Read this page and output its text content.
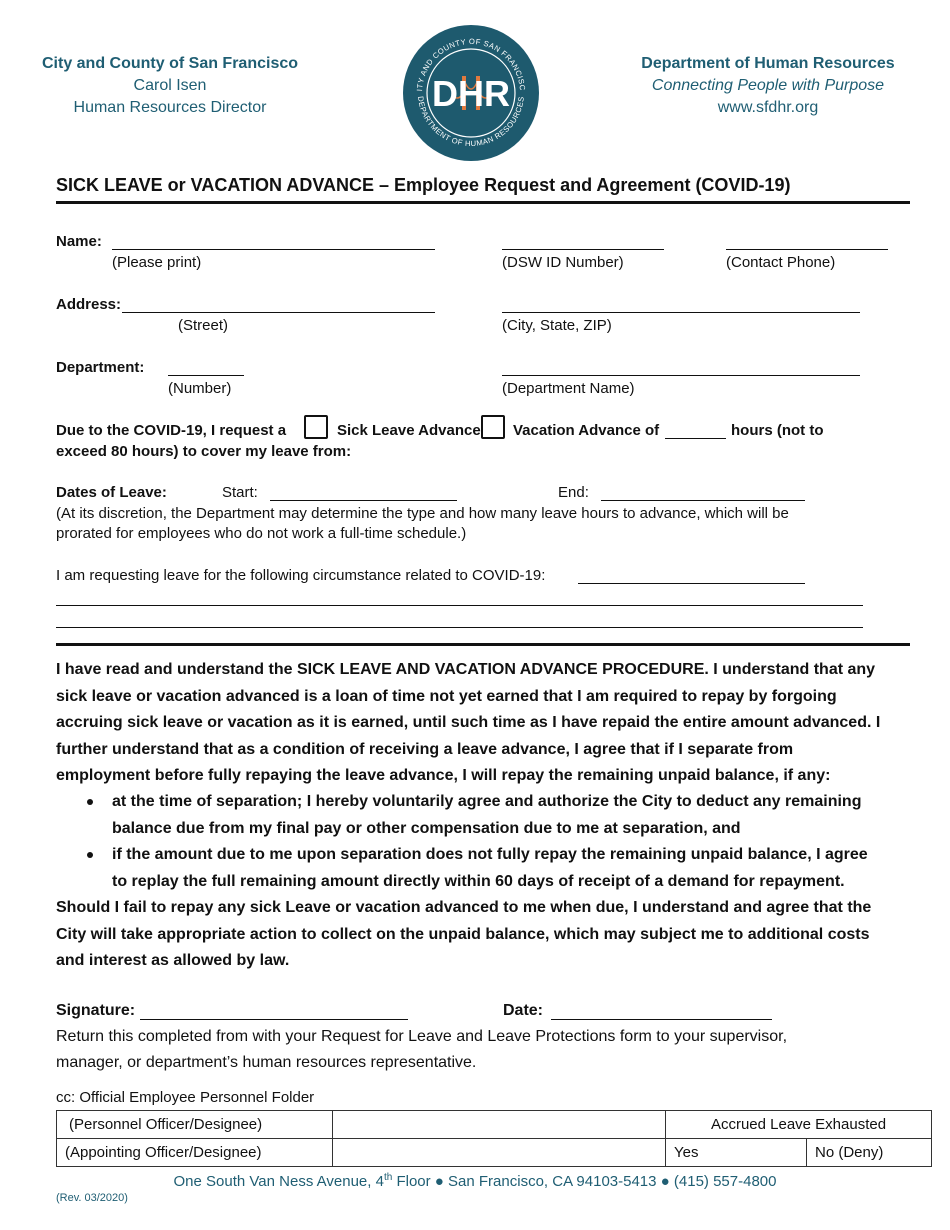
City and County of San Francisco
Carol Isen
Human Resources Director
ITY AND COUNTY OF SAN FRANCISC
DEPARTMENT OF HUMAN RESOURCES
DHR
Department of Human Resources
Connecting People with Purpose
www.sfdhr.org
SICK LEAVE or VACATION ADVANCE – Employee Request and Agreement (COVID-19)
Name:
(Please print)	(DSW ID Number)	(Contact Phone)
Address:
(Street)	(City, State, ZIP)
Department:
(Number)	(Department Name)
Due to the COVID-19, I request a	Sick Leave Advance Vacation Advance of	hours (not to
exceed 80 hours) to cover my leave from:
Dates of Leave:	Start:	End:
(At its discretion, the Department may determine the type and how many leave hours to advance, which will be
prorated for employees who do not work a full-time schedule.)
I am requesting leave for the following circumstance related to COVID-19:
I have read and understand the SICK LEAVE AND VACATION ADVANCE PROCEDURE. I understand that any
sick leave or vacation advanced is a loan of time not yet earned that I am required to repay by forgoing
accruing sick leave or vacation as it is earned, until such time as I have repaid the entire amount advanced. I
further understand that as a condition of receiving a leave advance, I agree that if I separate from
employment before fully repaying the leave advance, I will repay the remaining unpaid balance, if any:
at the time of separation; I hereby voluntarily agree and authorize the City to deduct any remaining
balance due from my final pay or other compensation due to me at separation, and
if the amount due to me upon separation does not fully repay the remaining unpaid balance, I agree
to replay the full remaining amount directly within 60 days of receipt of a demand for repayment.
Should I fail to repay any sick Leave or vacation advanced to me when due, I understand and agree that the
City will take appropriate action to collect on the unpaid balance, which may subject me to additional costs
and interest as allowed by law.
Signature:	Date:
Return this completed from with your Request for Leave and Leave Protections form to your supervisor,
manager, or department’s human resources representative.
cc: Official Employee Personnel Folder
(Personnel Officer/Designee)		Accrued Leave Exhausted	
(Appointing Officer/Designee)		Yes	No (Deny)
One South Van Ness Avenue, 4th Floor ● San Francisco, CA 94103-5413 ● (415) 557-4800
(Rev. 03/2020)
